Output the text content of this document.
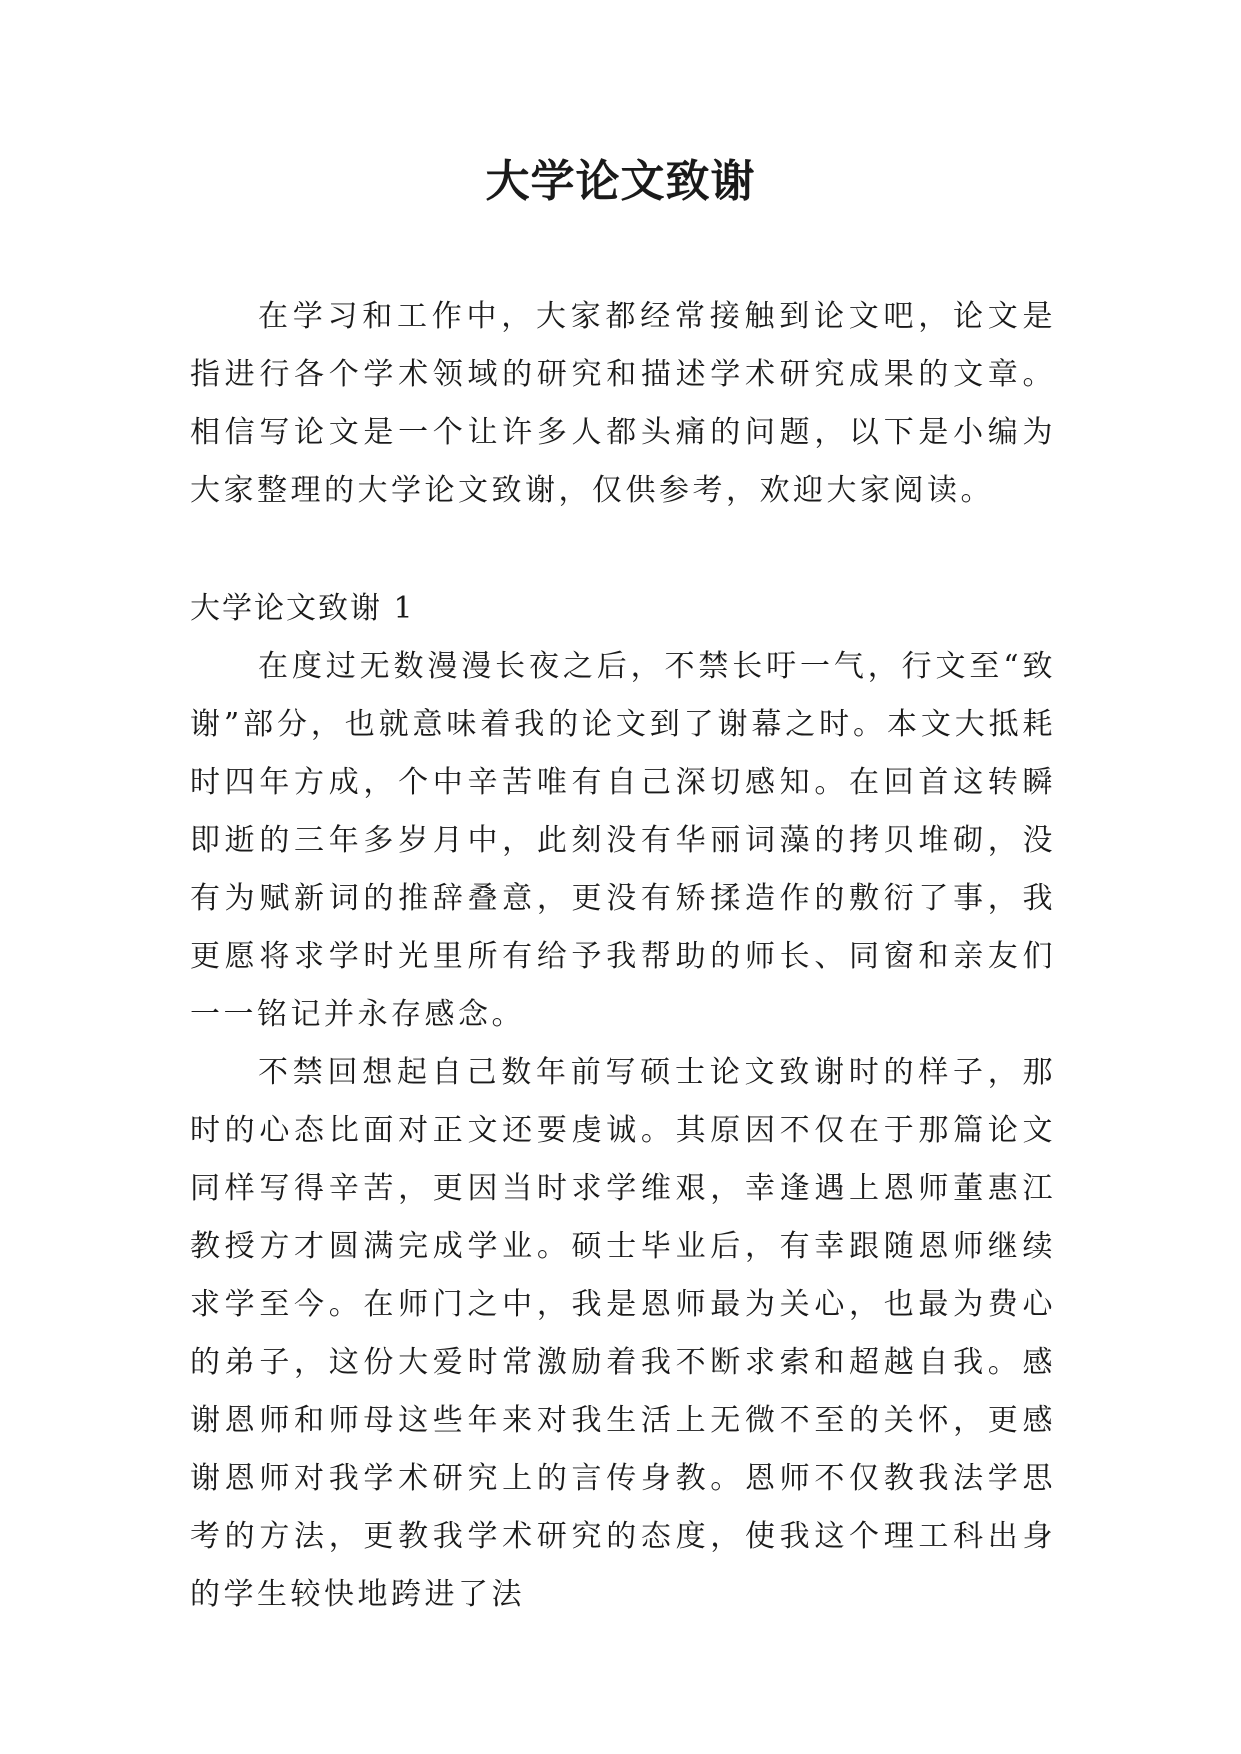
大学论文致谢

在学习和工作中，大家都经常接触到论文吧，论文是指进行各个学术领域的研究和描述学术研究成果的文章。相信写论文是一个让许多人都头痛的问题，以下是小编为大家整理的大学论文致谢，仅供参考，欢迎大家阅读。

大学论文致谢 1

在度过无数漫漫长夜之后，不禁长吁一气，行文至“致谢”部分，也就意味着我的论文到了谢幕之时。本文大抵耗时四年方成，个中辛苦唯有自己深切感知。在回首这转瞬即逝的三年多岁月中，此刻没有华丽词藻的拷贝堆砌，没有为赋新词的推辞叠意，更没有矫揉造作的敷衍了事，我更愿将求学时光里所有给予我帮助的师长、同窗和亲友们一一铭记并永存感念。

不禁回想起自己数年前写硕士论文致谢时的样子，那时的心态比面对正文还要虔诚。其原因不仅在于那篇论文同样写得辛苦，更因当时求学维艰，幸逢遇上恩师董惠江教授方才圆满完成学业。硕士毕业后，有幸跟随恩师继续求学至今。在师门之中，我是恩师最为关心，也最为费心的弟子，这份大爱时常激励着我不断求索和超越自我。感谢恩师和师母这些年来对我生活上无微不至的关怀，更感谢恩师对我学术研究上的言传身教。恩师不仅教我法学思考的方法，更教我学术研究的态度，使我这个理工科出身的学生较快地跨进了法
